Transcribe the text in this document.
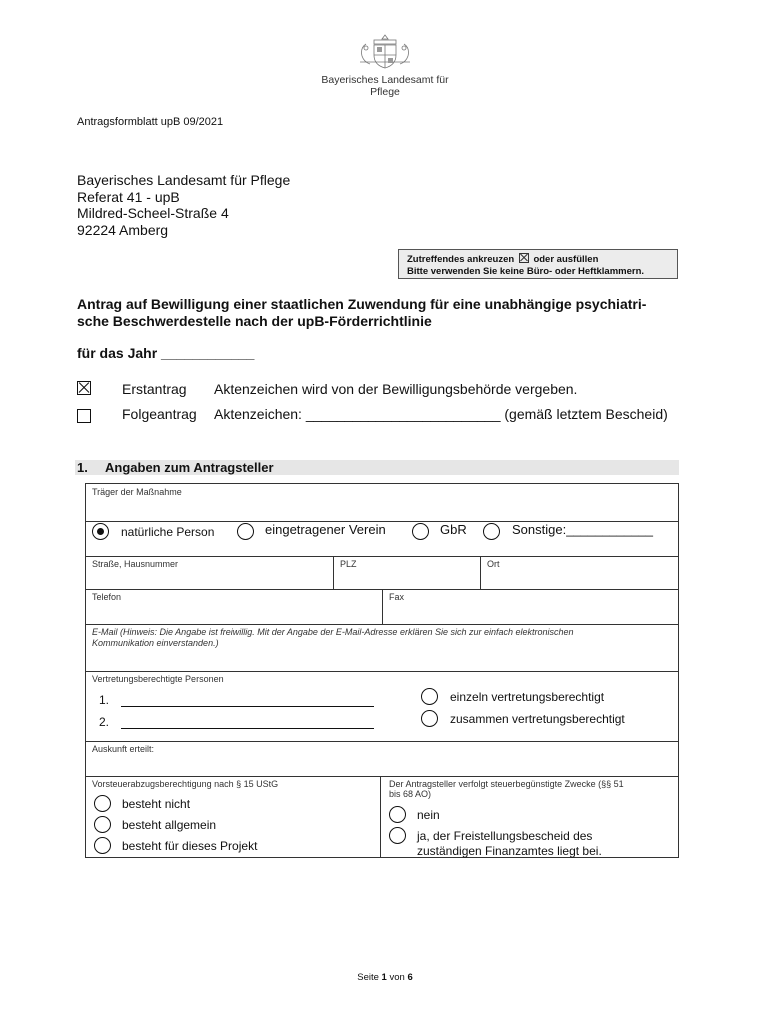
Bayerisches Landesamt für
Pflege
Antragsformblatt upB 09/2021
Bayerisches Landesamt für Pflege
Referat 41 - upB
Mildred-Scheel-Straße 4
92224 Amberg
Zutreffendes ankreuzen oder ausfüllen
Bitte verwenden Sie keine Büro- oder Heftklammern.
Antrag auf Bewilligung einer staatlichen Zuwendung für eine unabhängige psychiatri-
sche Beschwerdestelle nach der upB-Förderrichtlinie
für das Jahr ____________
Erstantrag Aktenzeichen wird von der Bewilligungsbehörde vergeben.
Folgeantrag Aktenzeichen: _________________________ (gemäß letztem Bescheid)
1. Angaben zum Antragsteller
Träger der Maßnahme
natürliche Person	eingetragener Verein	GbR	Sonstige:____________
Straße, Hausnummer	PLZ	Ort
Telefon	Fax
E-Mail (Hinweis: Die Angabe ist freiwillig. Mit der Angabe der E-Mail-Adresse erklären Sie sich zur einfach elektronischen
Kommunikation einverstanden.)
Vertretungsberechtigte Personen
1.
2.
einzeln vertretungsberechtigt
zusammen vertretungsberechtigt
Auskunft erteilt:
Vorsteuerabzugsberechtigung nach § 15 UStG
besteht nicht
besteht allgemein
besteht für dieses Projekt
Der Antragsteller verfolgt steuerbegünstigte Zwecke (§§ 51
bis 68 AO)
nein
ja, der Freistellungsbescheid des
zuständigen Finanzamtes liegt bei.
Seite 1 von 6
